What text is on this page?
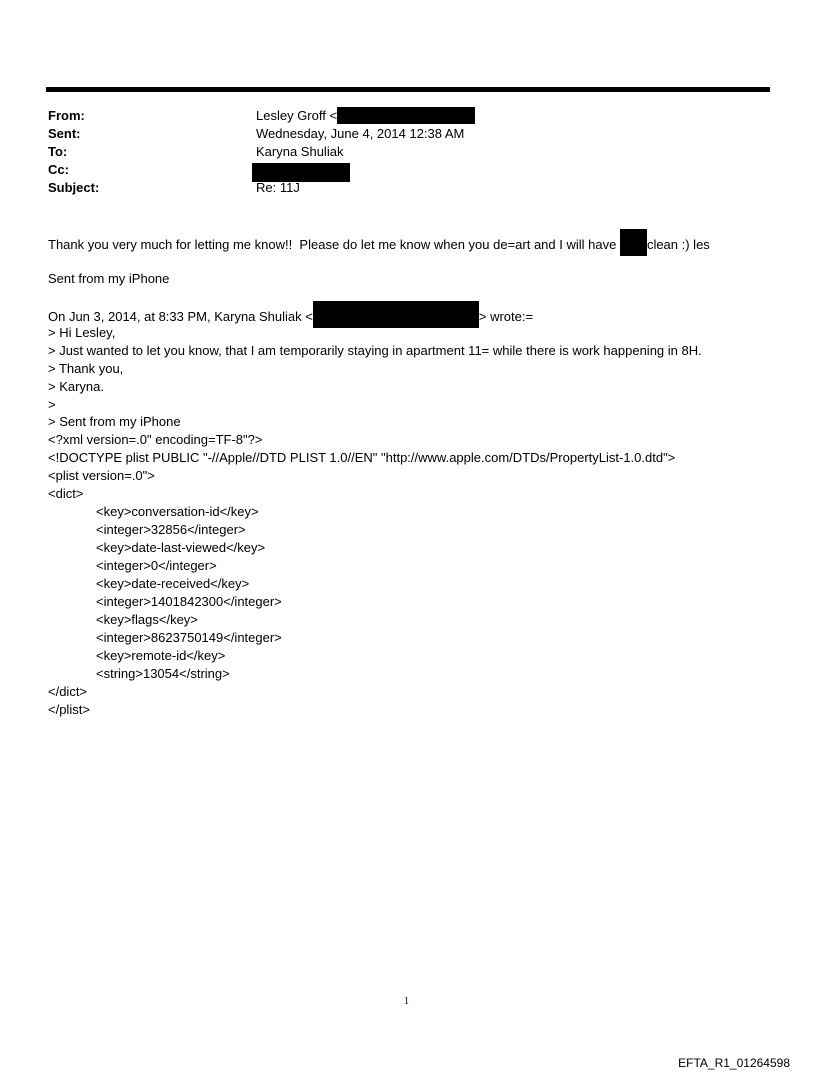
From:	Lesley Groff <
Sent:	Wednesday, June 4, 2014 12:38 AM
To:	Karyna Shuliak
Cc:
Subject:	Re: 11J
Thank you very much for letting me know!!  Please do let me know when you de=art and I will have clean :) les
Sent from my iPhone
On Jun 3, 2014, at 8:33 PM, Karyna Shuliak <	> wrote:=
> Hi Lesley,
> Just wanted to let you know, that I am temporarily staying in apartment 11= while there is work happening in 8H.
> Thank you,
> Karyna.
>
> Sent from my iPhone
<?xml version=.0" encoding=TF-8"?>
<!DOCTYPE plist PUBLIC "-//Apple//DTD PLIST 1.0//EN" "http://www.apple.com/DTDs/PropertyList-1.0.dtd">
<plist version=.0">
<dict>
<key>conversation-id</key>
<integer>32856</integer>
<key>date-last-viewed</key>
<integer>0</integer>
<key>date-received</key>
<integer>1401842300</integer>
<key>flags</key>
<integer>8623750149</integer>
<key>remote-id</key>
<string>13054</string>
</dict>
</plist>
1
EFTA_R1_01264598
